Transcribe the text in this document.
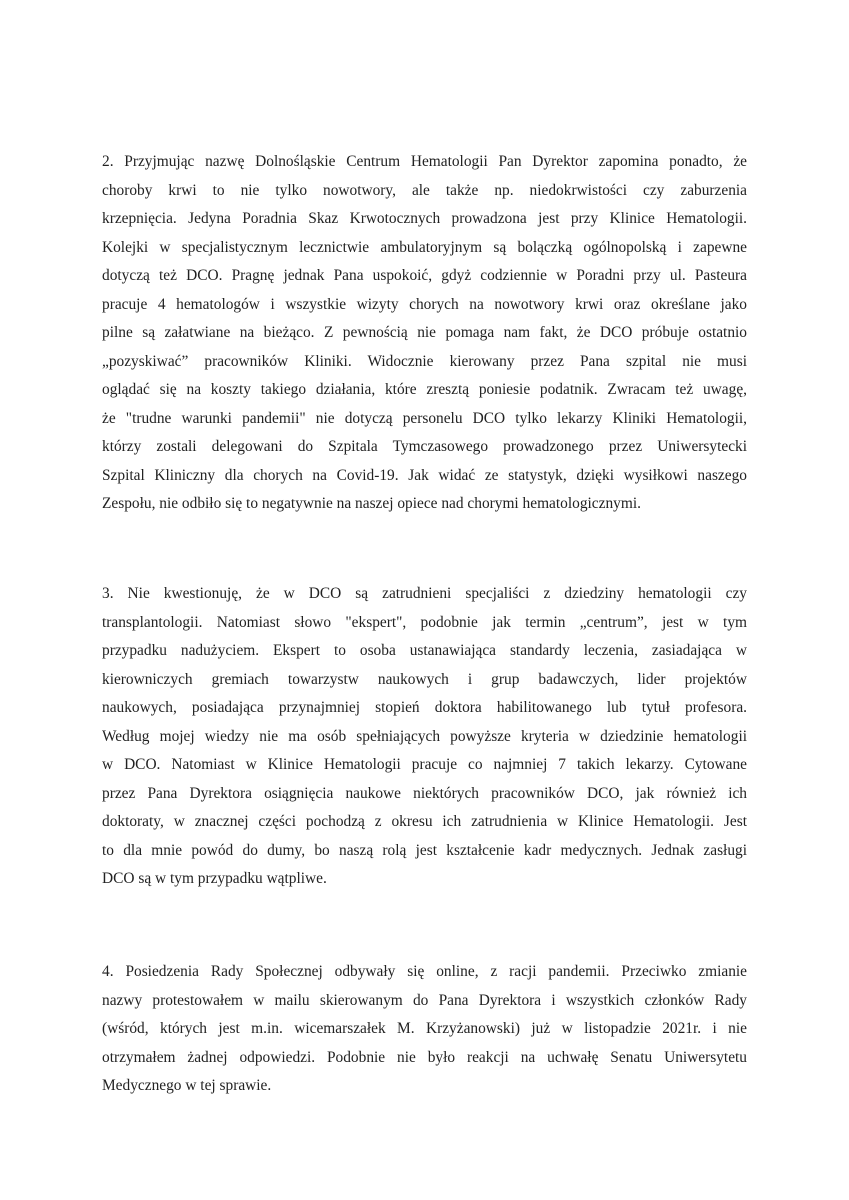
2. Przyjmując nazwę Dolnośląskie Centrum Hematologii Pan Dyrektor zapomina ponadto, że
choroby krwi to nie tylko nowotwory, ale także np. niedokrwistości czy zaburzenia
krzepnięcia. Jedyna Poradnia Skaz Krwotocznych prowadzona jest przy Klinice Hematologii.
Kolejki w specjalistycznym lecznictwie ambulatoryjnym są bolączką ogólnopolską i zapewne
dotyczą też DCO. Pragnę jednak Pana uspokoić, gdyż codziennie w Poradni przy ul. Pasteura
pracuje 4 hematologów i wszystkie wizyty chorych na nowotwory krwi oraz określane jako
pilne są załatwiane na bieżąco. Z pewnością nie pomaga nam fakt, że DCO próbuje ostatnio
„pozyskiwać” pracowników Kliniki. Widocznie kierowany przez Pana szpital nie musi
oglądać się na koszty takiego działania, które zresztą poniesie podatnik. Zwracam też uwagę,
że "trudne warunki pandemii" nie dotyczą personelu DCO tylko lekarzy Kliniki Hematologii,
którzy zostali delegowani do Szpitala Tymczasowego prowadzonego przez Uniwersytecki
Szpital Kliniczny dla chorych na Covid-19. Jak widać ze statystyk, dzięki wysiłkowi naszego
Zespołu, nie odbiło się to negatywnie na naszej opiece nad chorymi hematologicznymi.
3. Nie kwestionuję, że w DCO są zatrudnieni specjaliści z dziedziny hematologii czy
transplantologii. Natomiast słowo "ekspert", podobnie jak termin „centrum”, jest w tym
przypadku nadużyciem. Ekspert to osoba ustanawiająca standardy leczenia, zasiadająca w
kierowniczych gremiach towarzystw naukowych i grup badawczych, lider projektów
naukowych, posiadająca przynajmniej stopień doktora habilitowanego lub tytuł profesora.
Według mojej wiedzy nie ma osób spełniających powyższe kryteria w dziedzinie hematologii
w DCO. Natomiast w Klinice Hematologii pracuje co najmniej 7 takich lekarzy. Cytowane
przez Pana Dyrektora osiągnięcia naukowe niektórych pracowników DCO, jak również ich
doktoraty, w znacznej części pochodzą z okresu ich zatrudnienia w Klinice Hematologii. Jest
to dla mnie powód do dumy, bo naszą rolą jest kształcenie kadr medycznych. Jednak zasługi
DCO są w tym przypadku wątpliwe.
4. Posiedzenia Rady Społecznej odbywały się online, z racji pandemii. Przeciwko zmianie
nazwy protestowałem w mailu skierowanym do Pana Dyrektora i wszystkich członków Rady
(wśród, których jest m.in. wicemarszałek M. Krzyżanowski) już w listopadzie 2021r. i nie
otrzymałem żadnej odpowiedzi. Podobnie nie było reakcji na uchwałę Senatu Uniwersytetu
Medycznego w tej sprawie.
